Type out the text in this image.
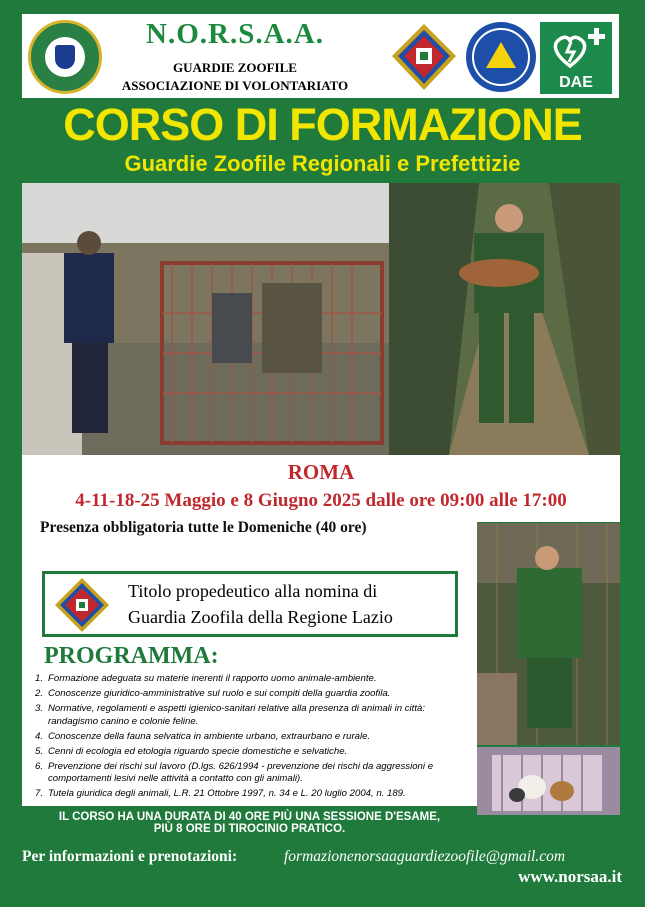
N.O.R.S.A.A.
GUARDIE ZOOFILE
ASSOCIAZIONE DI VOLONTARIATO	DAE
CORSO DI FORMAZIONE
Guardie Zoofile Regionali e Prefettizie
ROMA
4-11-18-25 Maggio e 8 Giugno 2025 dalle ore 09:00 alle 17:00
Presenza obbligatoria tutte le Domeniche (40 ore)
Titolo propedeutico alla nomina di
Guardia Zoofila della Regione Lazio
PROGRAMMA:
1. Formazione adeguata su materie inerenti il rapporto uomo animale-ambiente.
2. Conoscenze giuridico-amministrative sul ruolo e sui compiti della guardia zoofila.
3. Normative, regolamenti e aspetti igienico-sanitari relative alla presenza di animali in città: randagismo canino e colonie feline.
4. Conoscenze della fauna selvatica in ambiente urbano, extraurbano e rurale.
5. Cenni di ecologia ed etologia riguardo specie domestiche e selvatiche.
6. Prevenzione dei rischi sul lavoro (D.lgs. 626/1994 - prevenzione dei rischi da aggressioni e comportamenti lesivi nelle attività a contatto con gli animali).
7. Tutela giuridica degli animali, L.R. 21 Ottobre 1997, n. 34 e L. 20 luglio 2004, n. 189.
IL CORSO HA UNA DURATA DI 40 ORE PIÙ UNA SESSIONE D'ESAME,
PIÙ 8 ORE DI TIROCINIO PRATICO.
Per informazioni e prenotazioni:	formazionenorsaaguardiezoofile@gmail.com
www.norsaa.it
